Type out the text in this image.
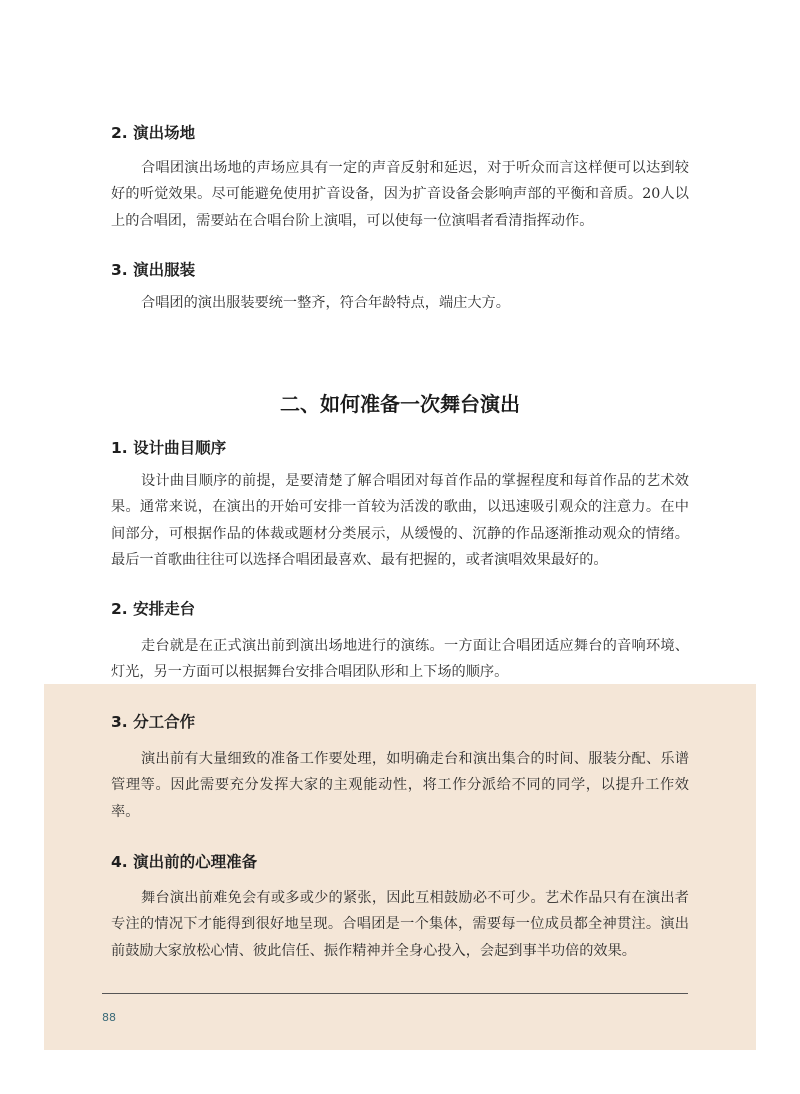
2. 演出场地
合唱团演出场地的声场应具有一定的声音反射和延迟，对于听众而言这样便可以达到较好的听觉效果。尽可能避免使用扩音设备，因为扩音设备会影响声部的平衡和音质。20人以上的合唱团，需要站在合唱台阶上演唱，可以使每一位演唱者看清指挥动作。
3. 演出服装
合唱团的演出服装要统一整齐，符合年龄特点，端庄大方。
二、如何准备一次舞台演出
1. 设计曲目顺序
设计曲目顺序的前提，是要清楚了解合唱团对每首作品的掌握程度和每首作品的艺术效果。通常来说，在演出的开始可安排一首较为活泼的歌曲，以迅速吸引观众的注意力。在中间部分，可根据作品的体裁或题材分类展示，从缓慢的、沉静的作品逐渐推动观众的情绪。最后一首歌曲往往可以选择合唱团最喜欢、最有把握的，或者演唱效果最好的。
2. 安排走台
走台就是在正式演出前到演出场地进行的演练。一方面让合唱团适应舞台的音响环境、灯光，另一方面可以根据舞台安排合唱团队形和上下场的顺序。
3. 分工合作
演出前有大量细致的准备工作要处理，如明确走台和演出集合的时间、服装分配、乐谱管理等。因此需要充分发挥大家的主观能动性，将工作分派给不同的同学，以提升工作效率。
4. 演出前的心理准备
舞台演出前难免会有或多或少的紧张，因此互相鼓励必不可少。艺术作品只有在演出者专注的情况下才能得到很好地呈现。合唱团是一个集体，需要每一位成员都全神贯注。演出前鼓励大家放松心情、彼此信任、振作精神并全身心投入，会起到事半功倍的效果。
88
